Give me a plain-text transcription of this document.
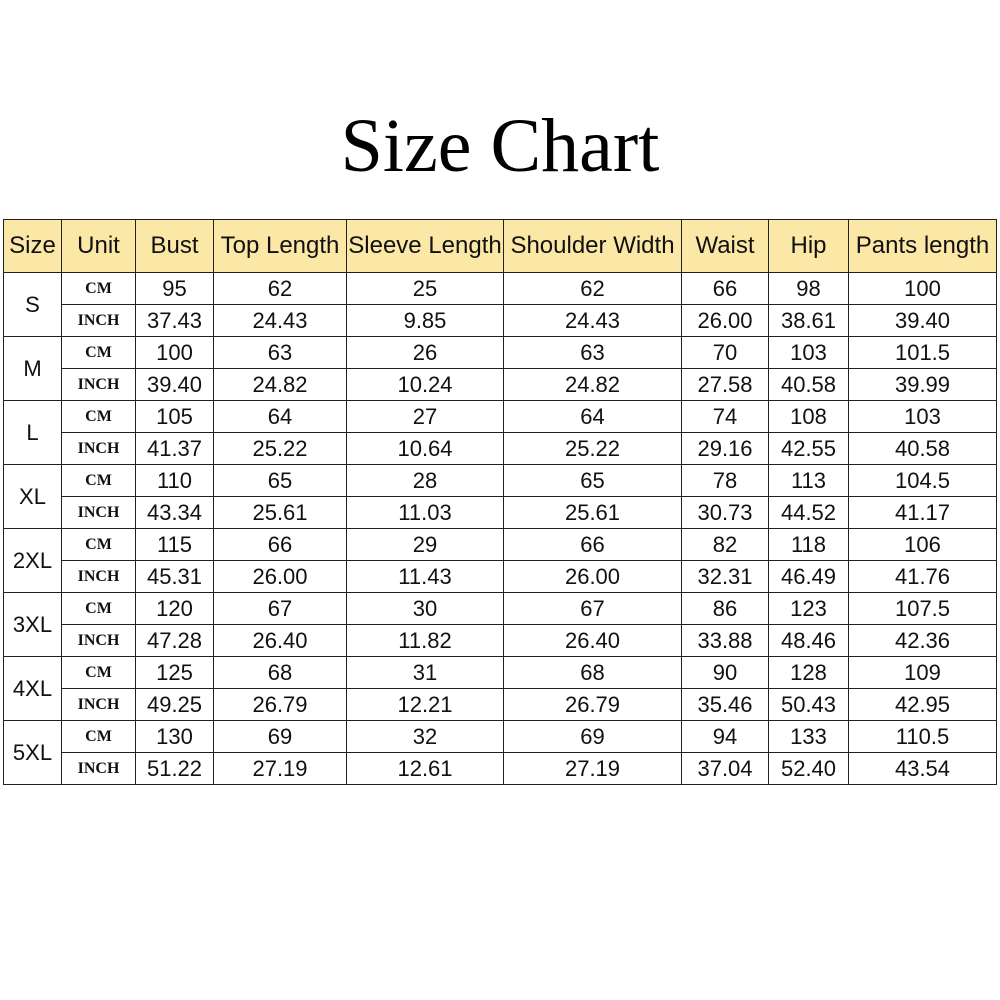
Size Chart
Size	Unit	Bust	Top Length	Sleeve Length	Shoulder Width	Waist	Hip	Pants length
S	CM	95	62	25	62	66	98	100
	INCH	37.43	24.43	9.85	24.43	26.00	38.61	39.40
M	CM	100	63	26	63	70	103	101.5
	INCH	39.40	24.82	10.24	24.82	27.58	40.58	39.99
L	CM	105	64	27	64	74	108	103
	INCH	41.37	25.22	10.64	25.22	29.16	42.55	40.58
XL	CM	110	65	28	65	78	113	104.5
	INCH	43.34	25.61	11.03	25.61	30.73	44.52	41.17
2XL	CM	115	66	29	66	82	118	106
	INCH	45.31	26.00	11.43	26.00	32.31	46.49	41.76
3XL	CM	120	67	30	67	86	123	107.5
	INCH	47.28	26.40	11.82	26.40	33.88	48.46	42.36
4XL	CM	125	68	31	68	90	128	109
	INCH	49.25	26.79	12.21	26.79	35.46	50.43	42.95
5XL	CM	130	69	32	69	94	133	110.5
	INCH	51.22	27.19	12.61	27.19	37.04	52.40	43.54
